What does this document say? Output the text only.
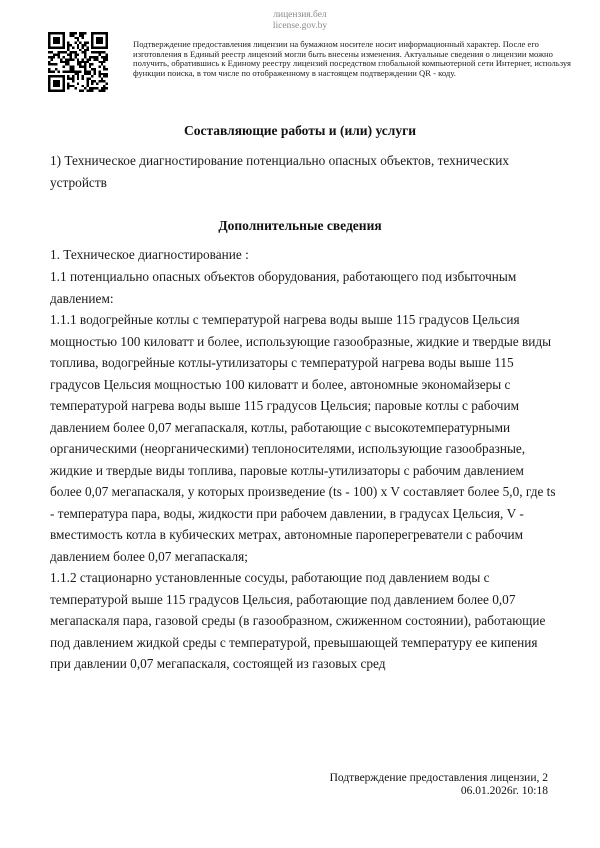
лицензия.бел
license.gov.by
Подтверждение предоставления лицензии на бумажном носителе носит информационный характер. После его изготовления в Единый реестр лицензий могли быть внесены изменения. Актуальные сведения о лицензии можно получить, обратившись к Единому реестру лицензий посредством глобальной компьютерной сети Интернет, используя функции поиска, в том числе по отображенному в настоящем подтверждении QR - коду.
Составляющие работы и (или) услуги
1) Техническое диагностирование потенциально опасных объектов, технических устройств
Дополнительные сведения
1. Техническое диагностирование :
1.1 потенциально опасных объектов оборудования, работающего под избыточным давлением:
1.1.1 водогрейные котлы с температурой нагрева воды выше 115 градусов Цельсия мощностью 100 киловатт и более, использующие газообразные, жидкие и твердые виды топлива, водогрейные котлы-утилизаторы с температурой нагрева воды выше 115 градусов Цельсия мощностью 100 киловатт и более, автономные экономайзеры с температурой нагрева воды выше 115 градусов Цельсия; паровые котлы с рабочим давлением более 0,07 мегапаскаля, котлы, работающие с высокотемпературными органическими (неорганическими) теплоносителями, использующие газообразные, жидкие и твердые виды топлива, паровые котлы-утилизаторы с рабочим давлением более 0,07 мегапаскаля, у которых произведение (ts - 100) x V составляет более 5,0, где ts - температура пара, воды, жидкости при рабочем давлении, в градусах Цельсия, V - вместимость котла в кубических метрах, автономные пароперегреватели с рабочим давлением более 0,07 мегапаскаля;
1.1.2 стационарно установленные сосуды, работающие под давлением воды с температурой выше 115 градусов Цельсия, работающие под давлением более 0,07 мегапаскаля пара, газовой среды (в газообразном, сжиженном состоянии), работающие под давлением жидкой среды с температурой, превышающей температуру ее кипения при давлении 0,07 мегапаскаля, состоящей из газовых сред
Подтверждение предоставления лицензии, 2
06.01.2026г. 10:18
